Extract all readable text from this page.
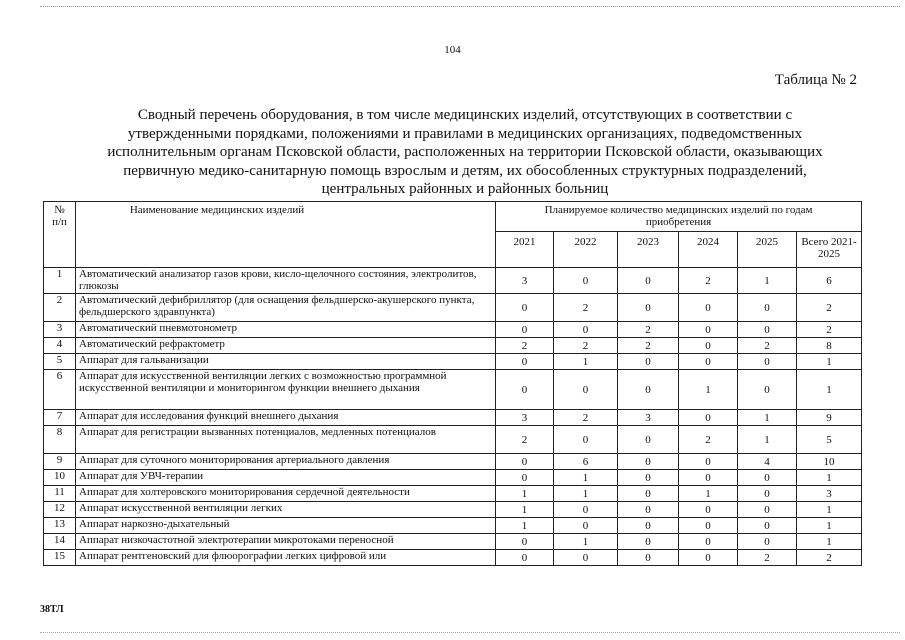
104
Таблица № 2
Сводный перечень оборудования, в том числе медицинских изделий, отсутствующих в соответствии с
утвержденными порядками, положениями и правилами в медицинских организациях, подведомственных
исполнительным органам Псковской области, расположенных на территории Псковской области, оказывающих
первичную медико-санитарную помощь взрослым и детям, их обособленных структурных подразделений,
центральных районных и районных больниц
№ п/п	Наименование медицинских изделий	Планируемое количество медицинских изделий по годам приобретения					
		2021	2022	2023	2024	2025	Всего 2021-2025
1	Автоматический анализатор газов крови, кисло-щелочного состояния, электролитов, глюкозы	3	0	0	2	1	6
2	Автоматический дефибриллятор (для оснащения фельдшерско-акушерского пункта, фельдшерского здравпункта)	0	2	0	0	0	2
3	Автоматический пневмотонометр	0	0	2	0	0	2
4	Автоматический рефрактометр	2	2	2	0	2	8
5	Аппарат для гальванизации	0	1	0	0	0	1
6	Аппарат для искусственной вентиляции легких с возможностью программной искусственной вентиляции и мониторингом функции внешнего дыхания	0	0	0	1	0	1
7	Аппарат для исследования функций внешнего дыхания	3	2	3	0	1	9
8	Аппарат для регистрации вызванных потенциалов, медленных потенциалов	2	0	0	2	1	5
9	Аппарат для суточного мониторирования артериального давления	0	6	0	0	4	10
10	Аппарат для УВЧ-терапии	0	1	0	0	0	1
11	Аппарат для холтеровского мониторирования сердечной деятельности	1	1	0	1	0	3
12	Аппарат искусственной вентиляции легких	1	0	0	0	0	1
13	Аппарат наркозно-дыхательный	1	0	0	0	0	1
14	Аппарат низкочастотной электротерапии микротоками переносной	0	1	0	0	0	1
15	Аппарат рентгеновский для флюорографии легких цифровой или	0	0	0	0	2	2
38ТЛ
